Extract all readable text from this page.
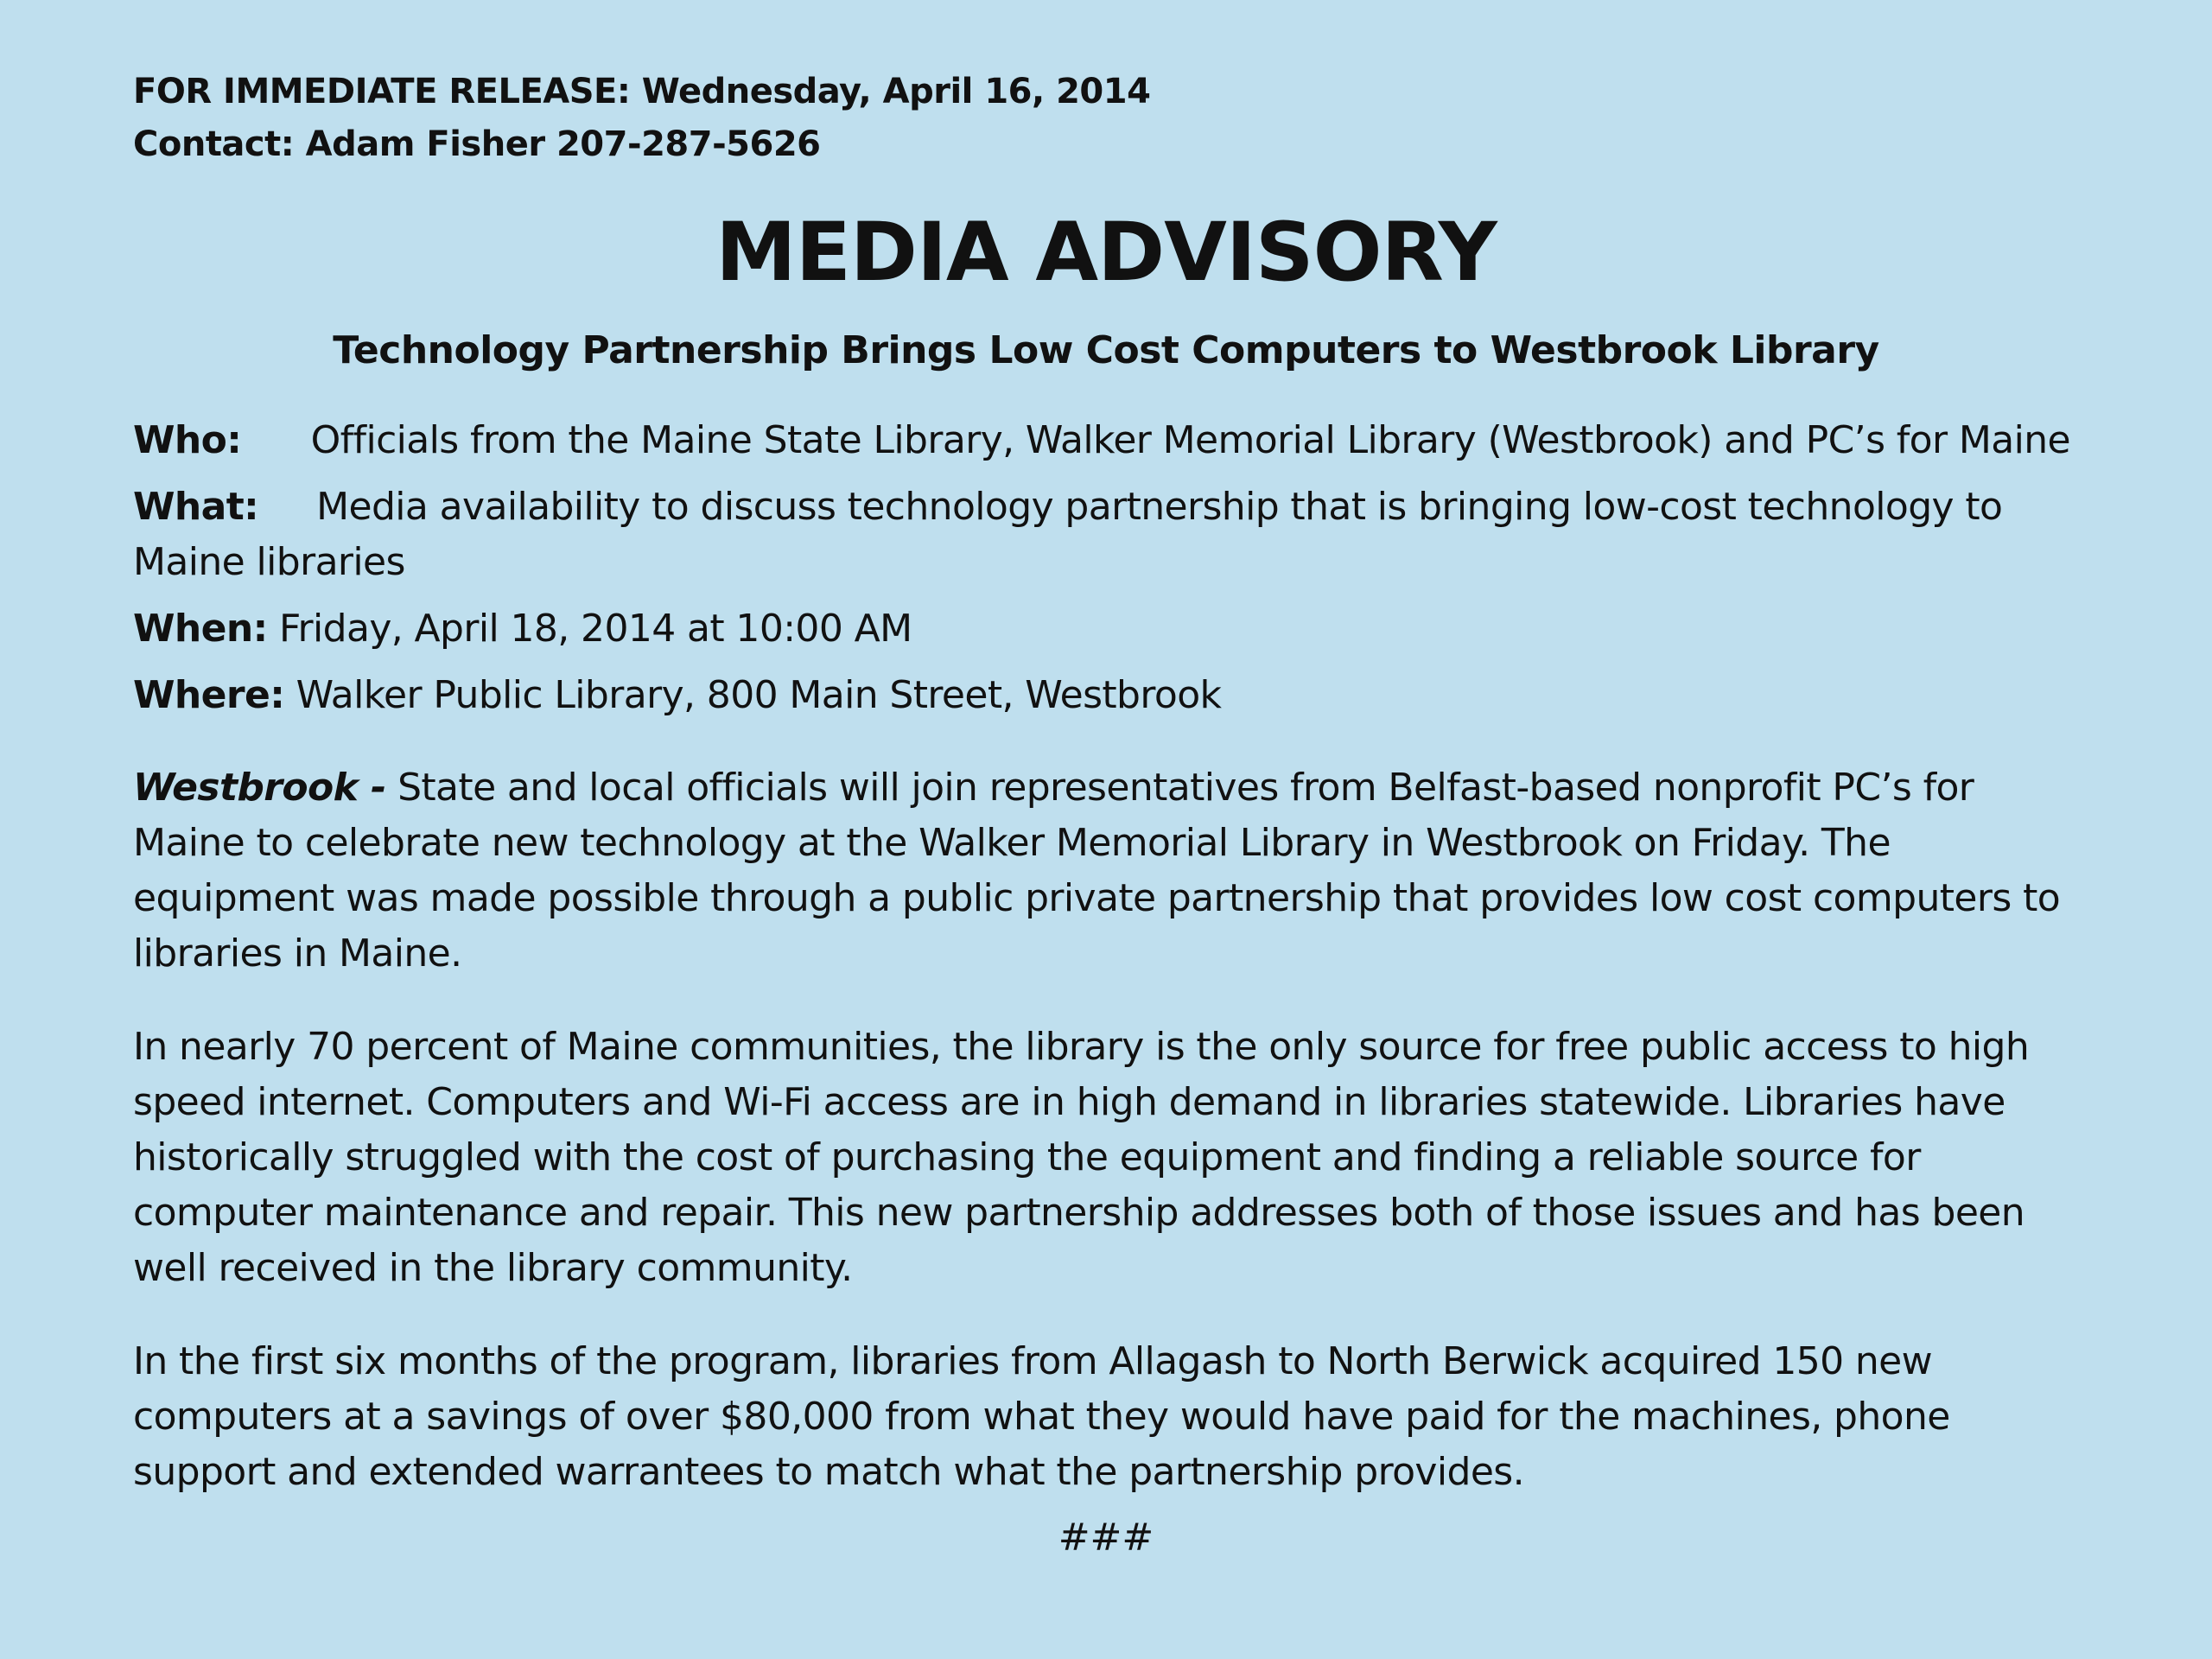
FOR IMMEDIATE RELEASE: Wednesday, April 16, 2014
Contact: Adam Fisher 207-287-5626
MEDIA ADVISORY
Technology Partnership Brings Low Cost Computers to Westbrook Library
Who: Officials from the Maine State Library, Walker Memorial Library (Westbrook) and PC’s for Maine
What: Media availability to discuss technology partnership that is bringing low-cost technology to Maine libraries
When: Friday, April 18, 2014 at 10:00 AM
Where: Walker Public Library, 800 Main Street, Westbrook

Westbrook - State and local officials will join representatives from Belfast-based nonprofit PC’s for Maine to celebrate new technology at the Walker Memorial Library in Westbrook on Friday. The equipment was made possible through a public private partnership that provides low cost computers to libraries in Maine.

In nearly 70 percent of Maine communities, the library is the only source for free public access to high speed internet. Computers and Wi-Fi access are in high demand in libraries statewide. Libraries have historically struggled with the cost of purchasing the equipment and finding a reliable source for computer maintenance and repair. This new partnership addresses both of those issues and has been well received in the library community.

In the first six months of the program, libraries from Allagash to North Berwick acquired 150 new computers at a savings of over $80,000 from what they would have paid for the machines, phone support and extended warrantees to match what the partnership provides.

###
